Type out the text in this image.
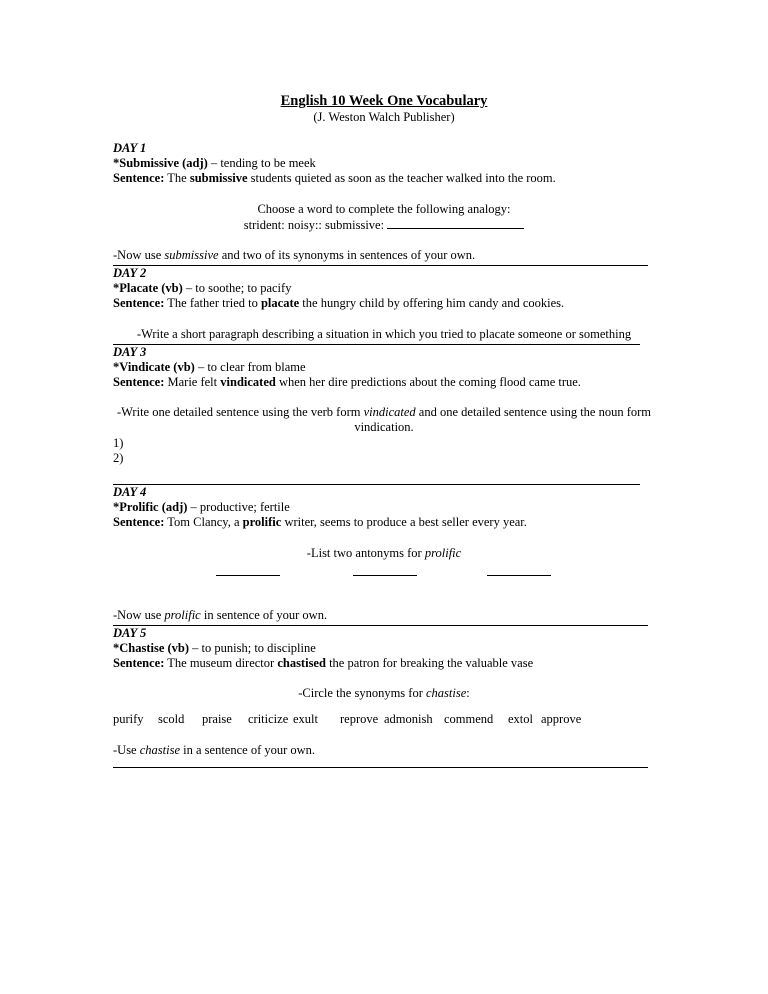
English 10 Week One Vocabulary
(J. Weston Walch Publisher)
DAY 1
*Submissive (adj) – tending to be meek
Sentence: The submissive students quieted as soon as the teacher walked into the room.
Choose a word to complete the following analogy:
strident: noisy:: submissive:
-Now use submissive and two of its synonyms in sentences of your own.
DAY 2
*Placate (vb) – to soothe; to pacify
Sentence: The father tried to placate the hungry child by offering him candy and cookies.
-Write a short paragraph describing a situation in which you tried to placate someone or something
DAY 3
*Vindicate (vb) – to clear from blame
Sentence: Marie felt vindicated when her dire predictions about the coming flood came true.
-Write one detailed sentence using the verb form vindicated and one detailed sentence using the noun form
vindication.
1)
2)
DAY 4
*Prolific (adj) – productive; fertile
Sentence: Tom Clancy, a prolific writer, seems to produce a best seller every year.
-List two antonyms for prolific
-Now use prolific in sentence of your own.
DAY 5
*Chastise (vb) – to punish; to discipline
Sentence: The museum director chastised the patron for breaking the valuable vase
-Circle the synonyms for chastise:
purify scold praise criticize exult reprove admonish commend extol approve
-Use chastise in a sentence of your own.
